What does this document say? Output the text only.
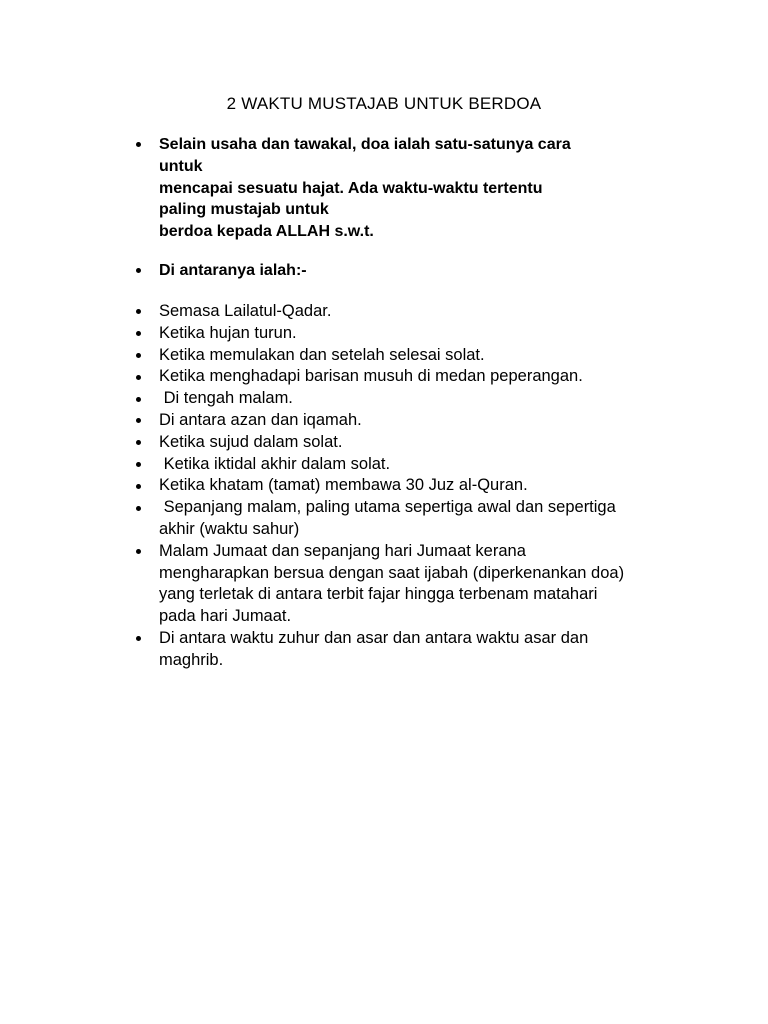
2 WAKTU MUSTAJAB UNTUK BERDOA
Selain usaha dan tawakal, doa ialah satu-satunya cara
untuk
mencapai sesuatu hajat. Ada waktu-waktu tertentu
paling mustajab untuk
berdoa kepada ALLAH s.w.t.
Di antaranya ialah:-
Semasa Lailatul-Qadar.
Ketika hujan turun.
Ketika memulakan dan setelah selesai solat.
Ketika menghadapi barisan musuh di medan peperangan.
Di tengah malam.
Di antara azan dan iqamah.
Ketika sujud dalam solat.
Ketika iktidal akhir dalam solat.
Ketika khatam (tamat) membawa 30 Juz al-Quran.
Sepanjang malam, paling utama sepertiga awal dan sepertiga
akhir (waktu sahur)
Malam Jumaat dan sepanjang hari Jumaat kerana
mengharapkan bersua dengan saat ijabah (diperkenankan doa)
yang terletak di antara terbit fajar hingga terbenam matahari
pada hari Jumaat.
Di antara waktu zuhur dan asar dan antara waktu asar dan
maghrib.
